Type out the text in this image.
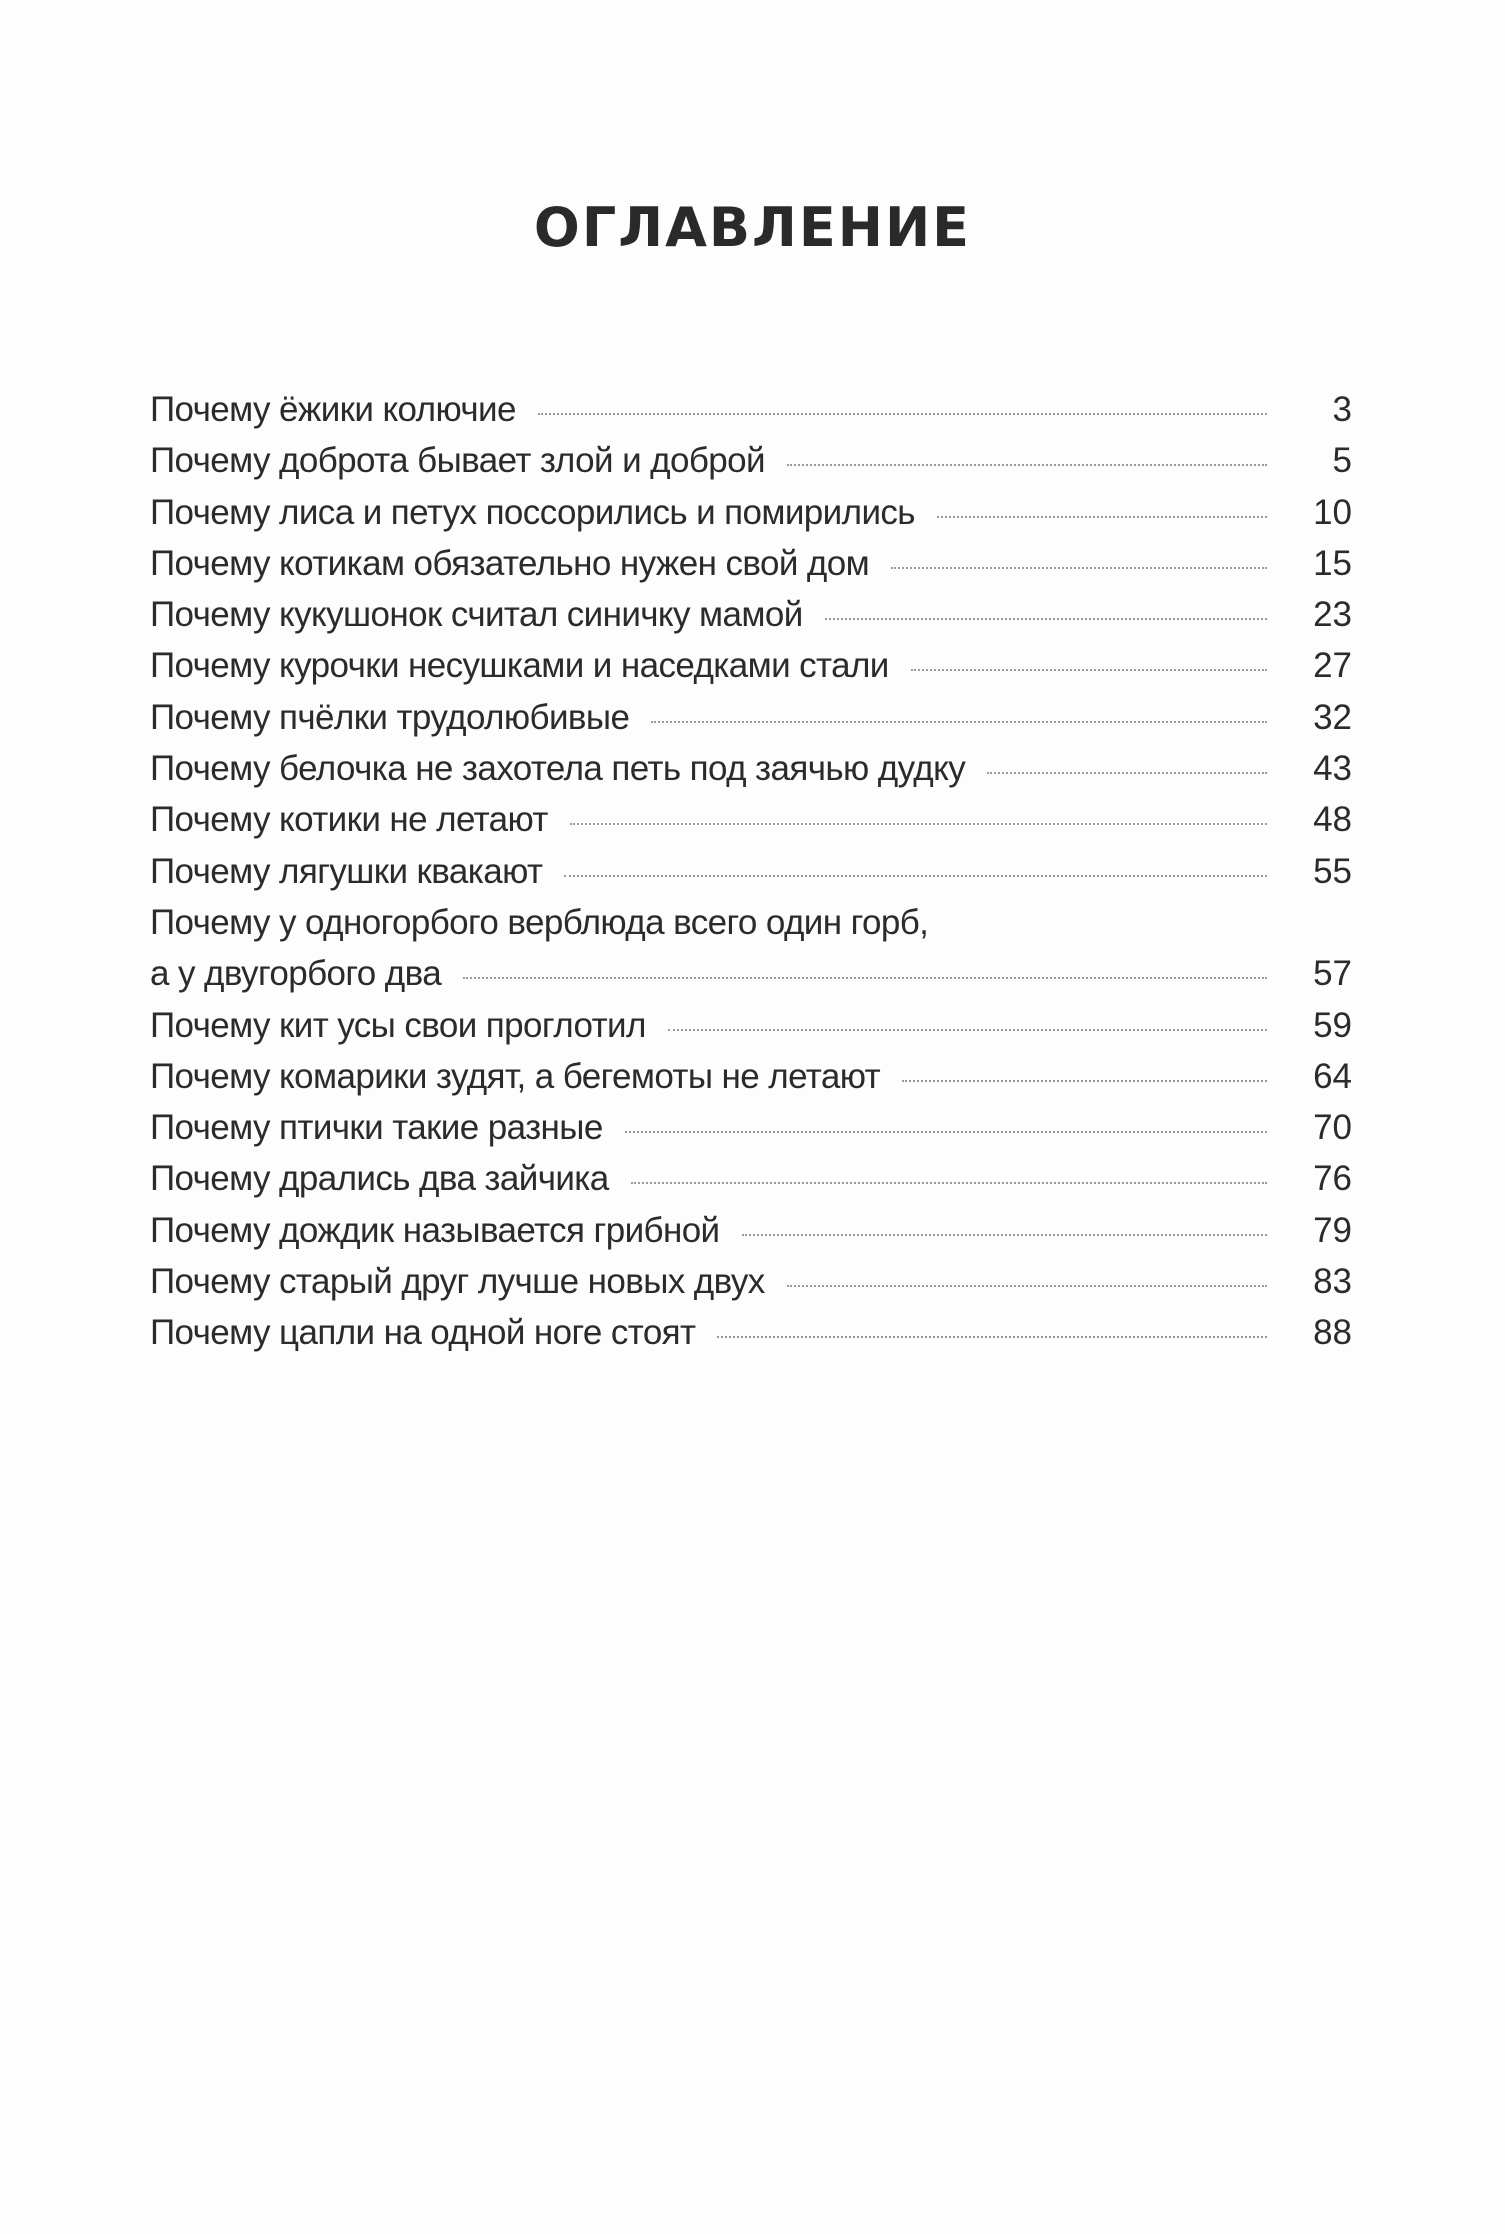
ОГЛАВЛЕНИЕ
Почему ёжики колючие	3
Почему доброта бывает злой и доброй	5
Почему лиса и петух поссорились и помирились	10
Почему котикам обязательно нужен свой дом	15
Почему кукушонок считал синичку мамой	23
Почему курочки несушками и наседками стали	27
Почему пчёлки трудолюбивые	32
Почему белочка не захотела петь под заячью дудку	43
Почему котики не летают	48
Почему лягушки квакают	55
Почему у одногорбого верблюда всего один горб,
а у двугорбого два	57
Почему кит усы свои проглотил	59
Почему комарики зудят, а бегемоты не летают	64
Почему птички такие разные	70
Почему дрались два зайчика	76
Почему дождик называется грибной	79
Почему старый друг лучше новых двух	83
Почему цапли на одной ноге стоят	88
